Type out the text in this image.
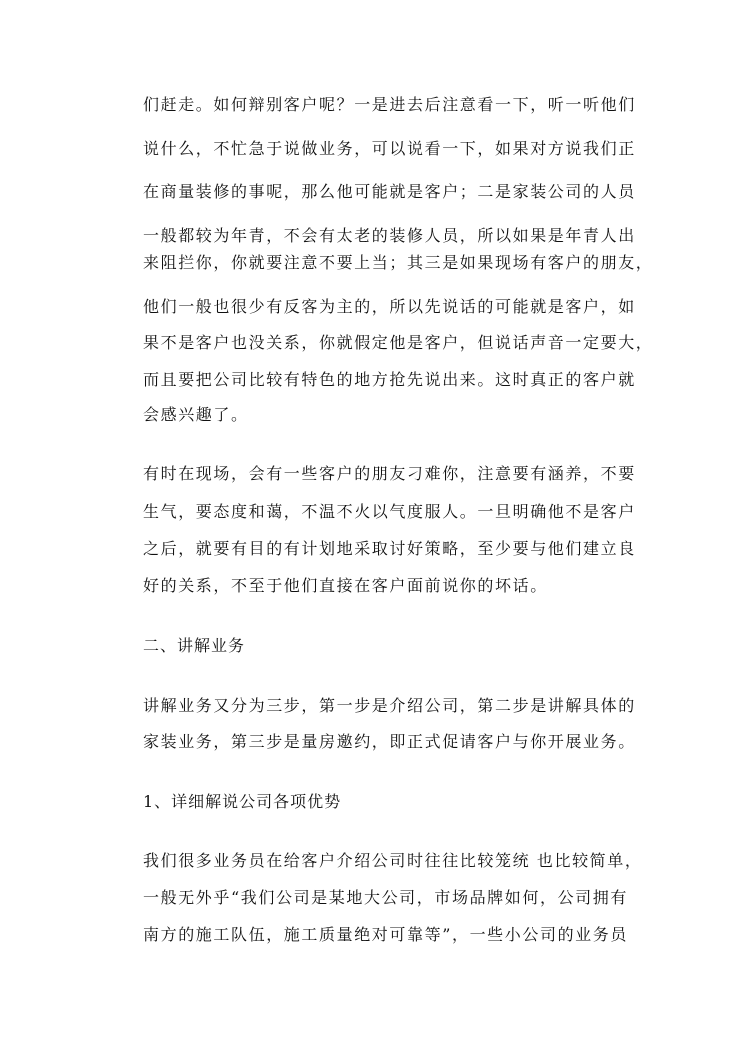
们赶走。如何辩别客户呢？一是进去后注意看一下，听一听他们
说什么，不忙急于说做业务，可以说看一下，如果对方说我们正
在商量装修的事呢，那么他可能就是客户；二是家装公司的人员
一般都较为年青，不会有太老的装修人员，所以如果是年青人出
来阻拦你，你就要注意不要上当；其三是如果现场有客户的朋友，
他们一般也很少有反客为主的，所以先说话的可能就是客户，如
果不是客户也没关系，你就假定他是客户，但说话声音一定要大，
而且要把公司比较有特色的地方抢先说出来。这时真正的客户就
会感兴趣了。
有时在现场，会有一些客户的朋友刁难你，注意要有涵养，不要
生气，要态度和蔼，不温不火以气度服人。一旦明确他不是客户
之后，就要有目的有计划地采取讨好策略，至少要与他们建立良
好的关系，不至于他们直接在客户面前说你的坏话。
二、讲解业务
讲解业务又分为三步，第一步是介绍公司，第二步是讲解具体的
家装业务，第三步是量房邀约，即正式促请客户与你开展业务。
1、详细解说公司各项优势
我们很多业务员在给客户介绍公司时往往比较笼统 也比较简单，
一般无外乎“我们公司是某地大公司，市场品牌如何，公司拥有
南方的施工队伍，施工质量绝对可靠等”，一些小公司的业务员
